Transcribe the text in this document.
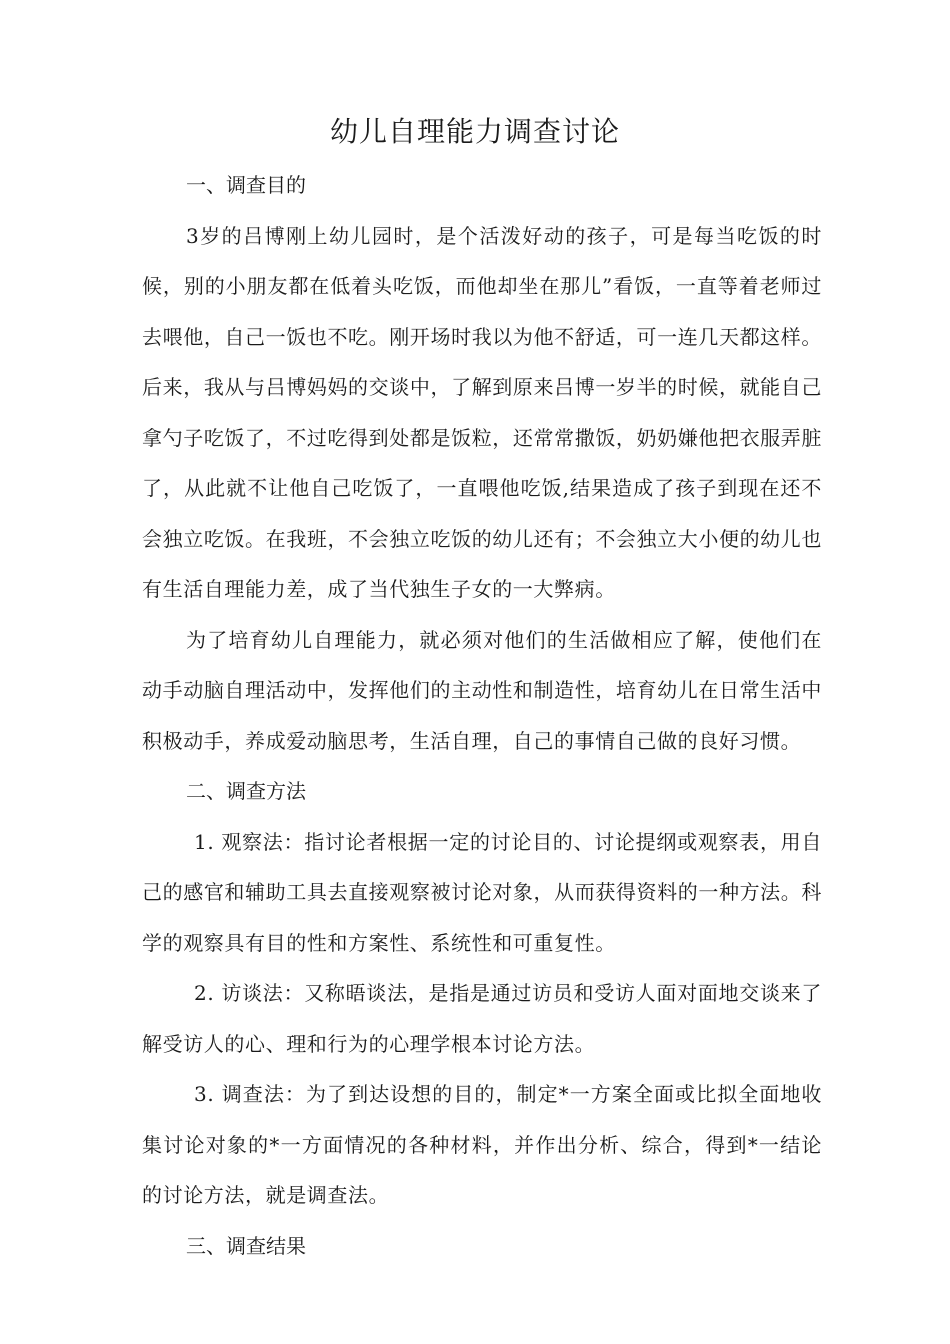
幼儿自理能力调查讨论

一、调查目的

3岁的吕博刚上幼儿园时，是个活泼好动的孩子，可是每当吃饭的时候，别的小朋友都在低着头吃饭，而他却坐在那儿”看饭，一直等着老师过去喂他，自己一饭也不吃。刚开场时我以为他不舒适，可一连几天都这样。后来，我从与吕博妈妈的交谈中，了解到原来吕博一岁半的时候，就能自己拿勺子吃饭了，不过吃得到处都是饭粒，还常常撒饭，奶奶嫌他把衣服弄脏了，从此就不让他自己吃饭了，一直喂他吃饭,结果造成了孩子到现在还不会独立吃饭。在我班，不会独立吃饭的幼儿还有；不会独立大小便的幼儿也有生活自理能力差，成了当代独生子女的一大弊病。

为了培育幼儿自理能力，就必须对他们的生活做相应了解，使他们在动手动脑自理活动中，发挥他们的主动性和制造性，培育幼儿在日常生活中积极动手，养成爱动脑思考，生活自理，自己的事情自己做的良好习惯。

二、调查方法

1. 观察法：指讨论者根据一定的讨论目的、讨论提纲或观察表，用自己的感官和辅助工具去直接观察被讨论对象，从而获得资料的一种方法。科学的观察具有目的性和方案性、系统性和可重复性。

2. 访谈法：又称晤谈法，是指是通过访员和受访人面对面地交谈来了解受访人的心、理和行为的心理学根本讨论方法。

3. 调查法：为了到达设想的目的，制定*一方案全面或比拟全面地收集讨论对象的*一方面情况的各种材料，并作出分析、综合，得到*一结论的讨论方法，就是调查法。

三、调查结果
